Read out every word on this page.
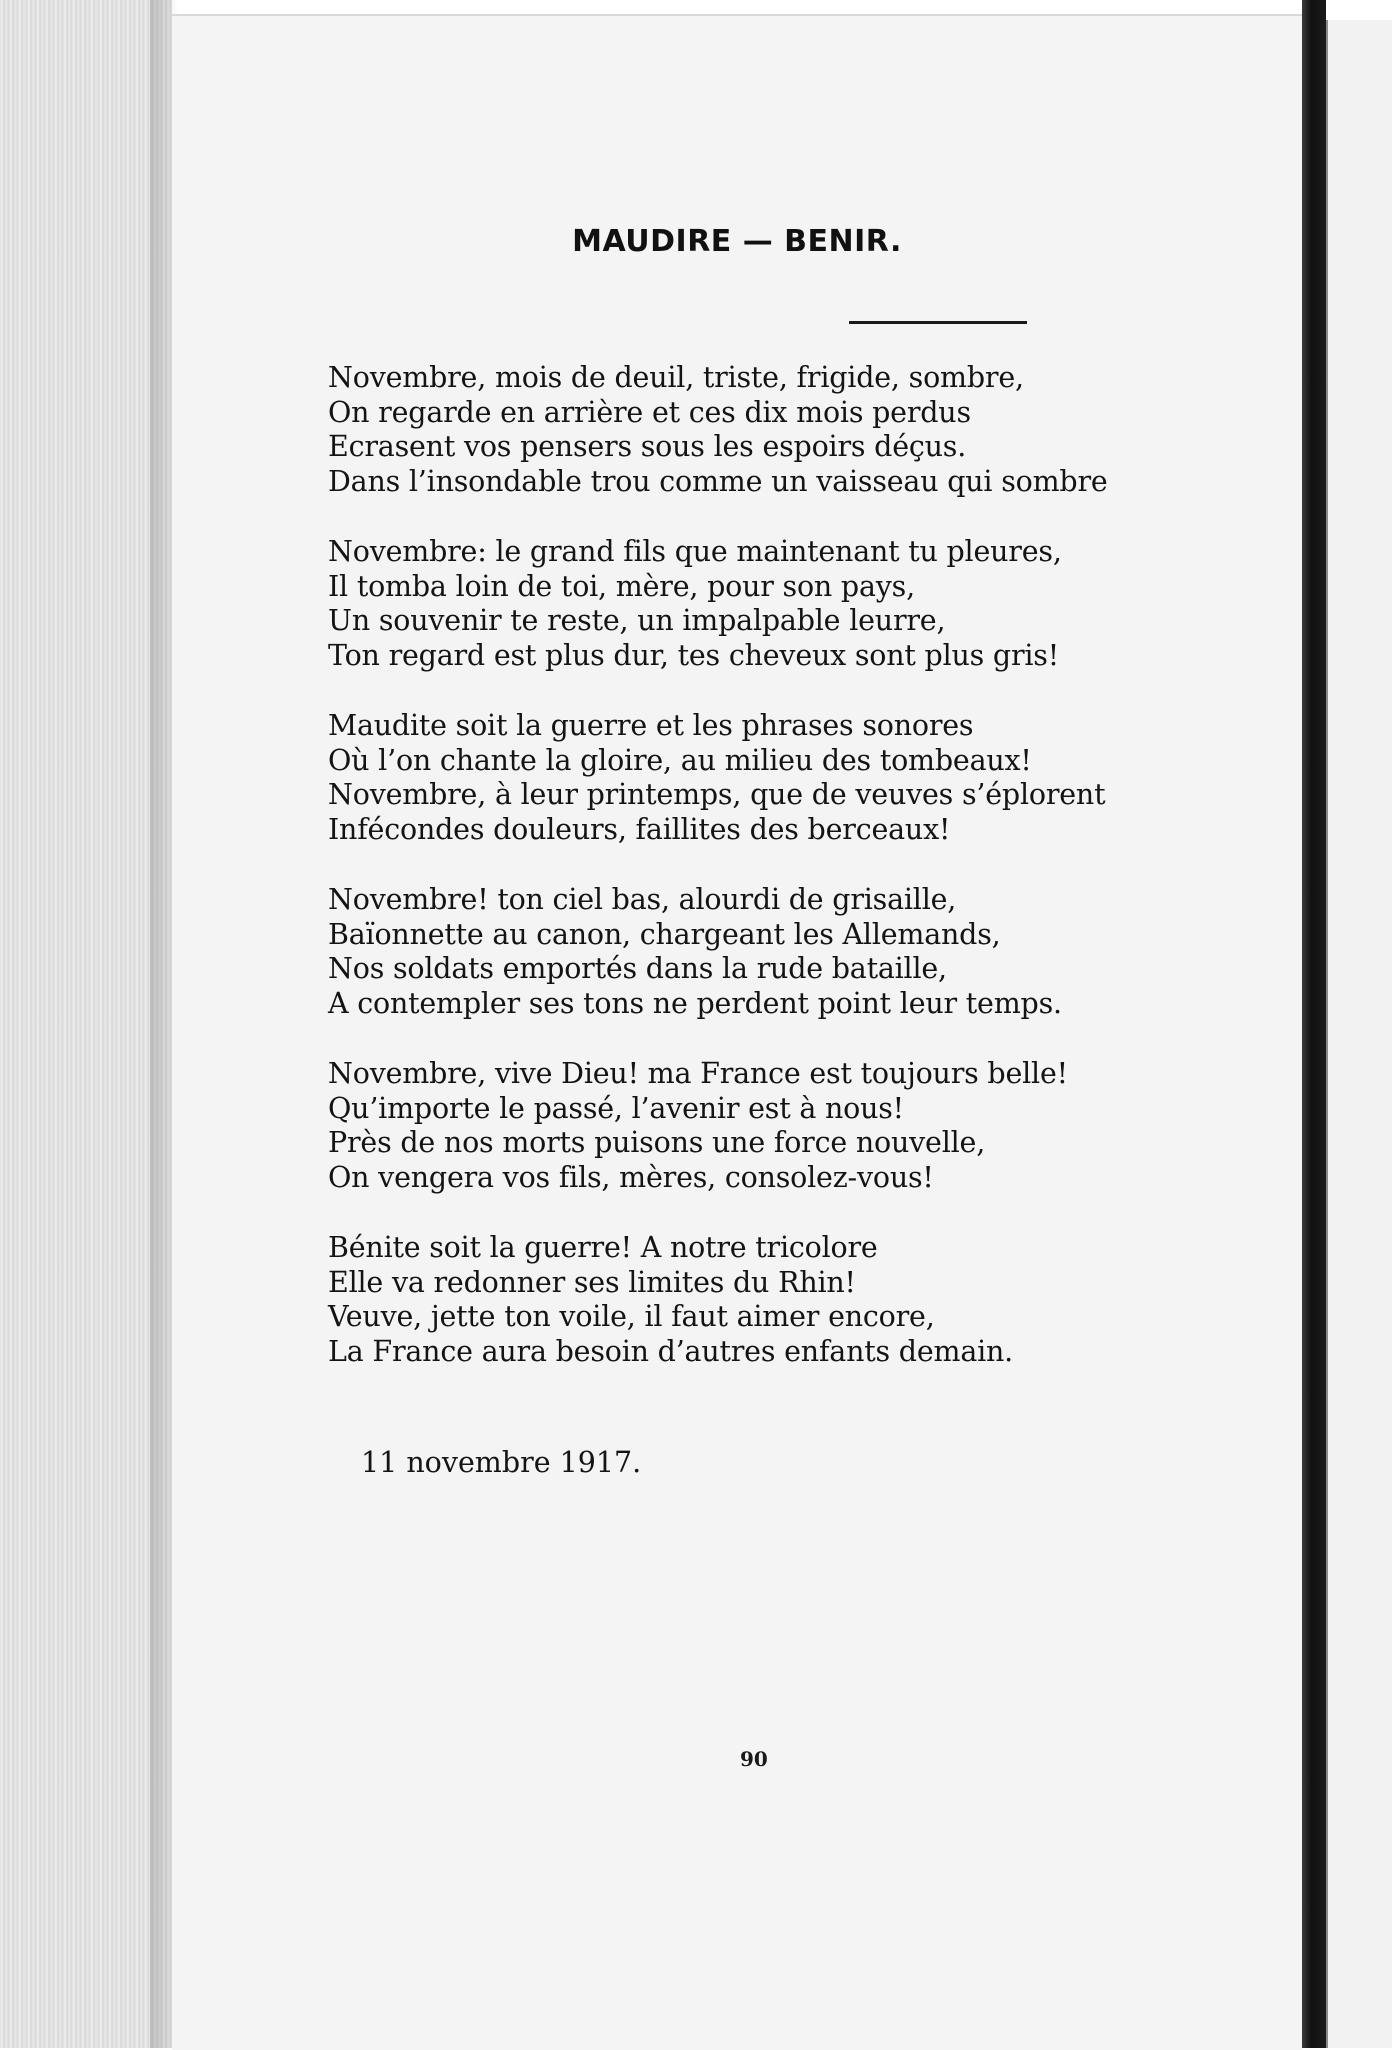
MAUDIRE — BENIR.
Novembre, mois de deuil, triste, frigide, sombre,
On regarde en arrière et ces dix mois perdus
Ecrasent vos pensers sous les espoirs déçus.
Dans l’insondable trou comme un vaisseau qui sombre
Novembre: le grand fils que maintenant tu pleures,
Il tomba loin de toi, mère, pour son pays,
Un souvenir te reste, un impalpable leurre,
Ton regard est plus dur, tes cheveux sont plus gris!
Maudite soit la guerre et les phrases sonores
Où l’on chante la gloire, au milieu des tombeaux!
Novembre, à leur printemps, que de veuves s’éplorent
Infécondes douleurs, faillites des berceaux!
Novembre! ton ciel bas, alourdi de grisaille,
Baïonnette au canon, chargeant les Allemands,
Nos soldats emportés dans la rude bataille,
A contempler ses tons ne perdent point leur temps.
Novembre, vive Dieu! ma France est toujours belle!
Qu’importe le passé, l’avenir est à nous!
Près de nos morts puisons une force nouvelle,
On vengera vos fils, mères, consolez-vous!
Bénite soit la guerre! A notre tricolore
Elle va redonner ses limites du Rhin!
Veuve, jette ton voile, il faut aimer encore,
La France aura besoin d’autres enfants demain.
11 novembre 1917.
90
